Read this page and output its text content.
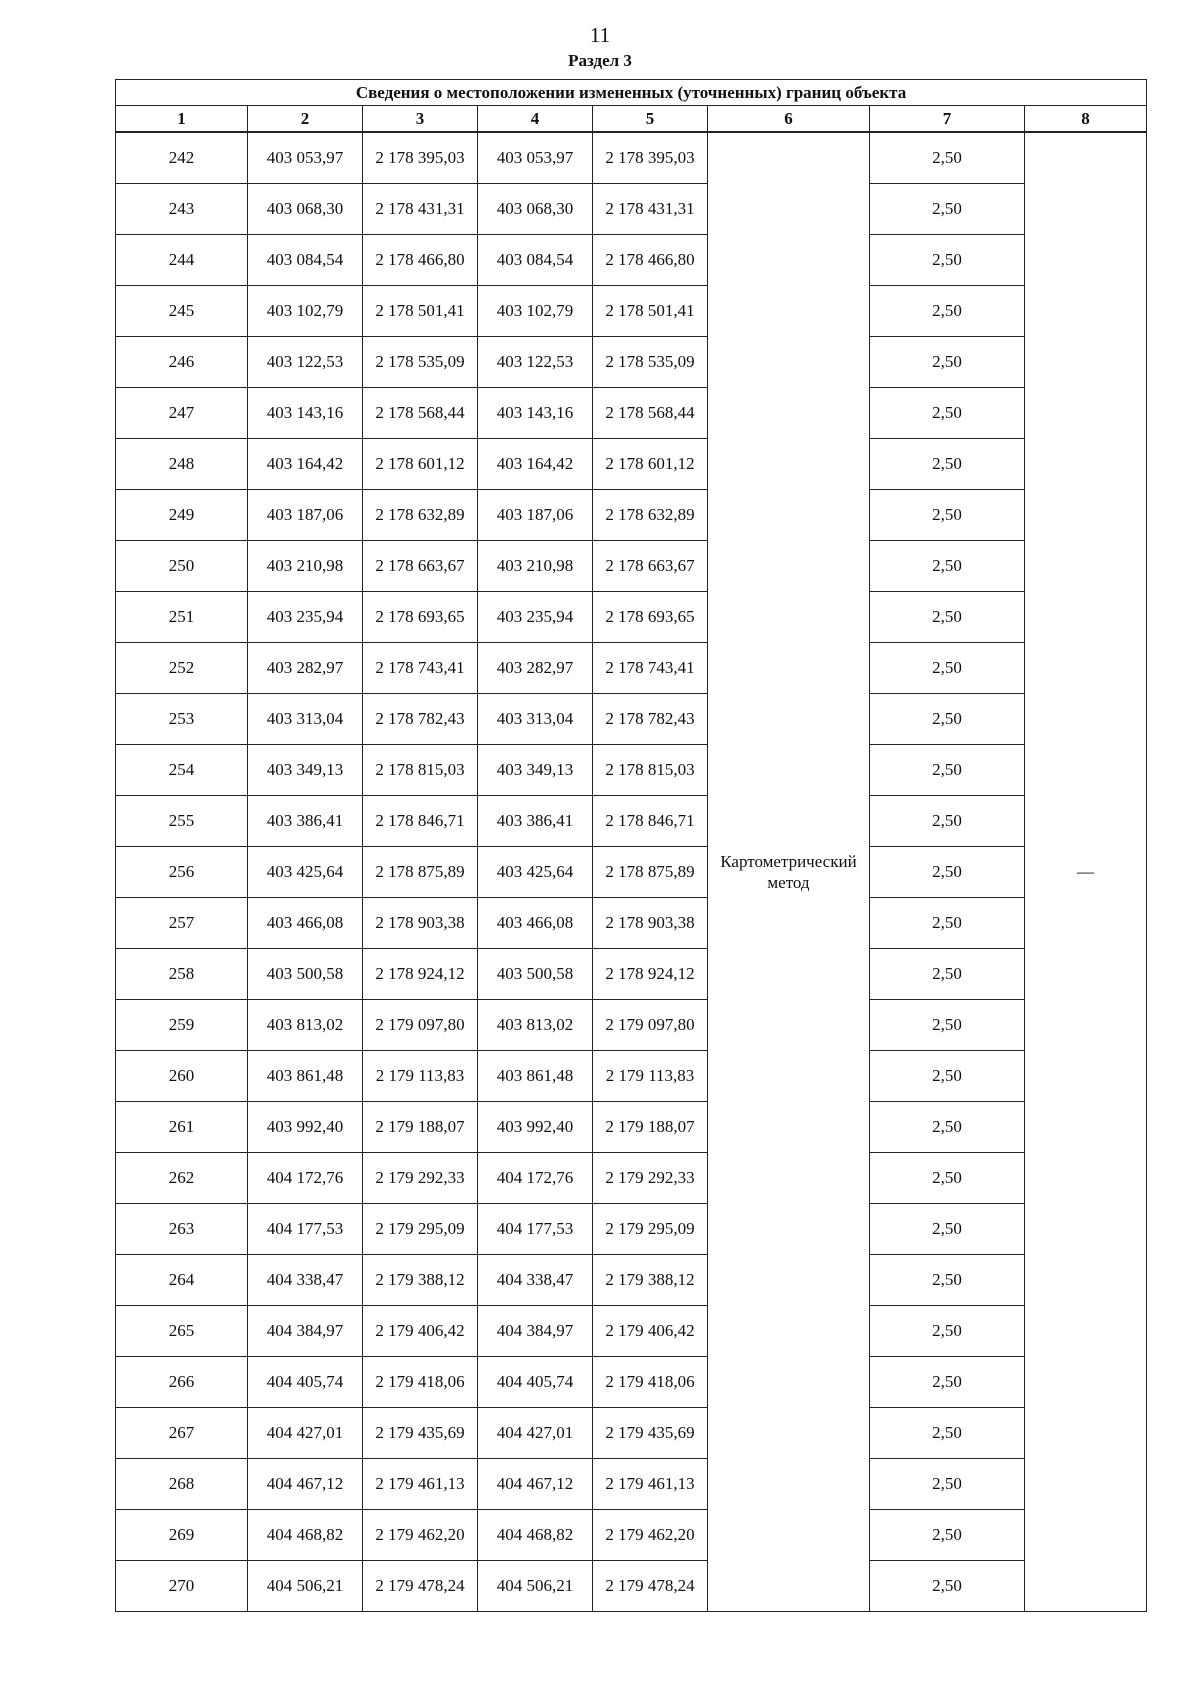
11
Раздел 3
Сведения о местоположении измененных (уточненных) границ объекта							
1	2	3	4	5	6	7	8
242	403 053,97	2 178 395,03	403 053,97	2 178 395,03	Картометрический метод	2,50	—
243	403 068,30	2 178 431,31	403 068,30	2 178 431,31		2,50	
244	403 084,54	2 178 466,80	403 084,54	2 178 466,80		2,50	
245	403 102,79	2 178 501,41	403 102,79	2 178 501,41		2,50	
246	403 122,53	2 178 535,09	403 122,53	2 178 535,09		2,50	
247	403 143,16	2 178 568,44	403 143,16	2 178 568,44		2,50	
248	403 164,42	2 178 601,12	403 164,42	2 178 601,12		2,50	
249	403 187,06	2 178 632,89	403 187,06	2 178 632,89		2,50	
250	403 210,98	2 178 663,67	403 210,98	2 178 663,67		2,50	
251	403 235,94	2 178 693,65	403 235,94	2 178 693,65		2,50	
252	403 282,97	2 178 743,41	403 282,97	2 178 743,41		2,50	
253	403 313,04	2 178 782,43	403 313,04	2 178 782,43		2,50	
254	403 349,13	2 178 815,03	403 349,13	2 178 815,03		2,50	
255	403 386,41	2 178 846,71	403 386,41	2 178 846,71		2,50	
256	403 425,64	2 178 875,89	403 425,64	2 178 875,89		2,50	
257	403 466,08	2 178 903,38	403 466,08	2 178 903,38		2,50	
258	403 500,58	2 178 924,12	403 500,58	2 178 924,12		2,50	
259	403 813,02	2 179 097,80	403 813,02	2 179 097,80		2,50	
260	403 861,48	2 179 113,83	403 861,48	2 179 113,83		2,50	
261	403 992,40	2 179 188,07	403 992,40	2 179 188,07		2,50	
262	404 172,76	2 179 292,33	404 172,76	2 179 292,33		2,50	
263	404 177,53	2 179 295,09	404 177,53	2 179 295,09		2,50	
264	404 338,47	2 179 388,12	404 338,47	2 179 388,12		2,50	
265	404 384,97	2 179 406,42	404 384,97	2 179 406,42		2,50	
266	404 405,74	2 179 418,06	404 405,74	2 179 418,06		2,50	
267	404 427,01	2 179 435,69	404 427,01	2 179 435,69		2,50	
268	404 467,12	2 179 461,13	404 467,12	2 179 461,13		2,50	
269	404 468,82	2 179 462,20	404 468,82	2 179 462,20		2,50	
270	404 506,21	2 179 478,24	404 506,21	2 179 478,24		2,50	
